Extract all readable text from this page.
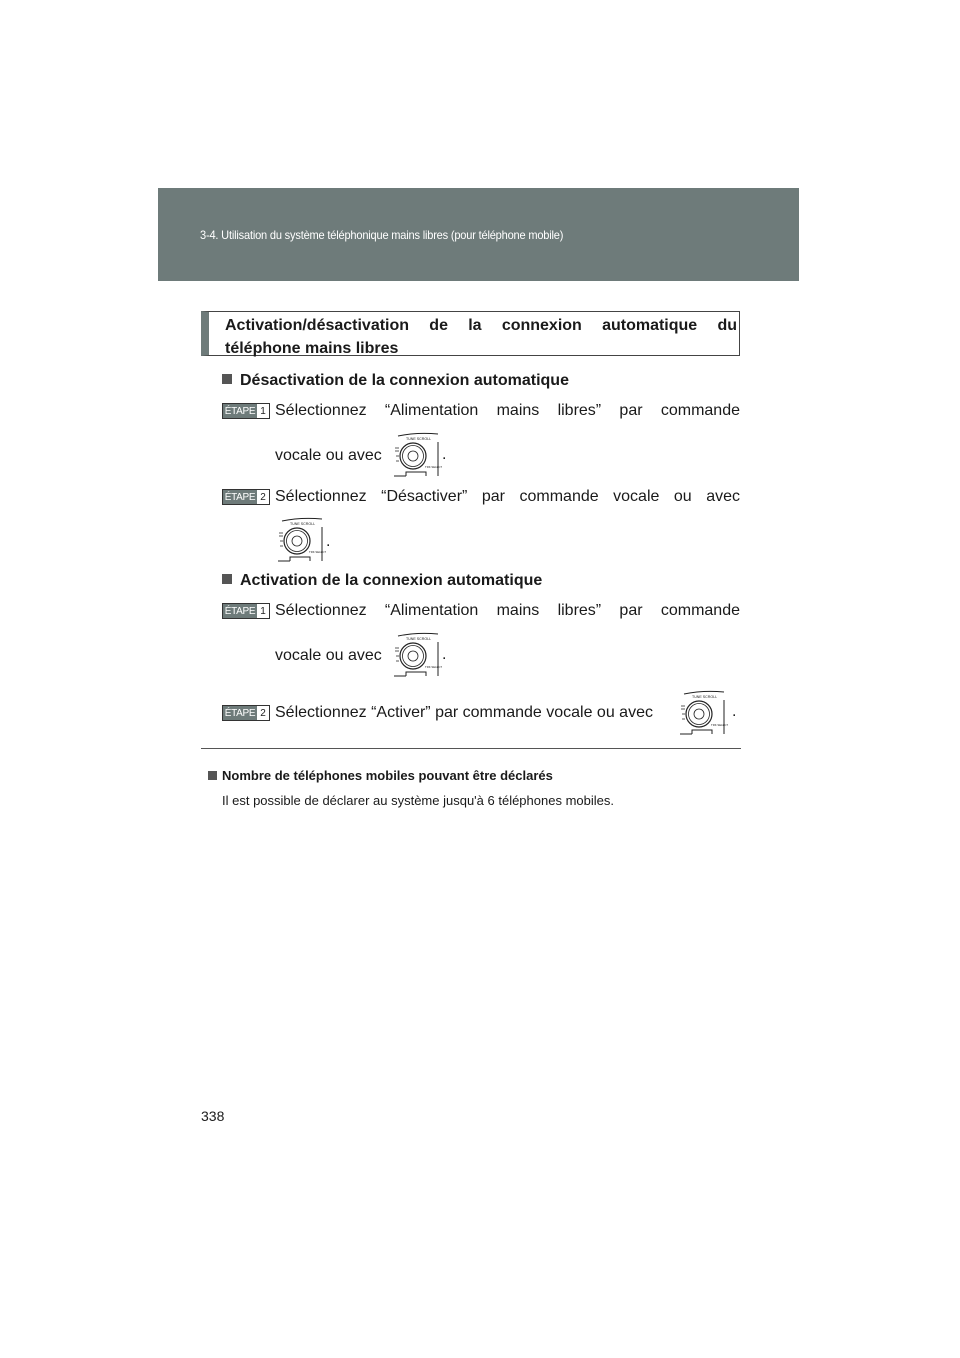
3-4. Utilisation du système téléphonique mains libres (pour téléphone mobile)
Activation/désactivation de la connexion automatique du téléphone mains libres
Désactivation de la connexion automatique
ÉTAPE 1 Sélectionnez “Alimentation mains libres” par commande
vocale ou avec
TUNE SCROLL
TRK SELECT
.
ÉTAPE 2 Sélectionnez “Désactiver” par commande vocale ou avec
TUNE SCROLL
TRK SELECT
.
Activation de la connexion automatique
ÉTAPE 1 Sélectionnez “Alimentation mains libres” par commande
vocale ou avec
TUNE SCROLL
TRK SELECT
.
ÉTAPE 2 Sélectionnez “Activer” par commande vocale ou avec
TUNE SCROLL
TRK SELECT
.
Nombre de téléphones mobiles pouvant être déclarés
Il est possible de déclarer au système jusqu'à 6 téléphones mobiles.
338
